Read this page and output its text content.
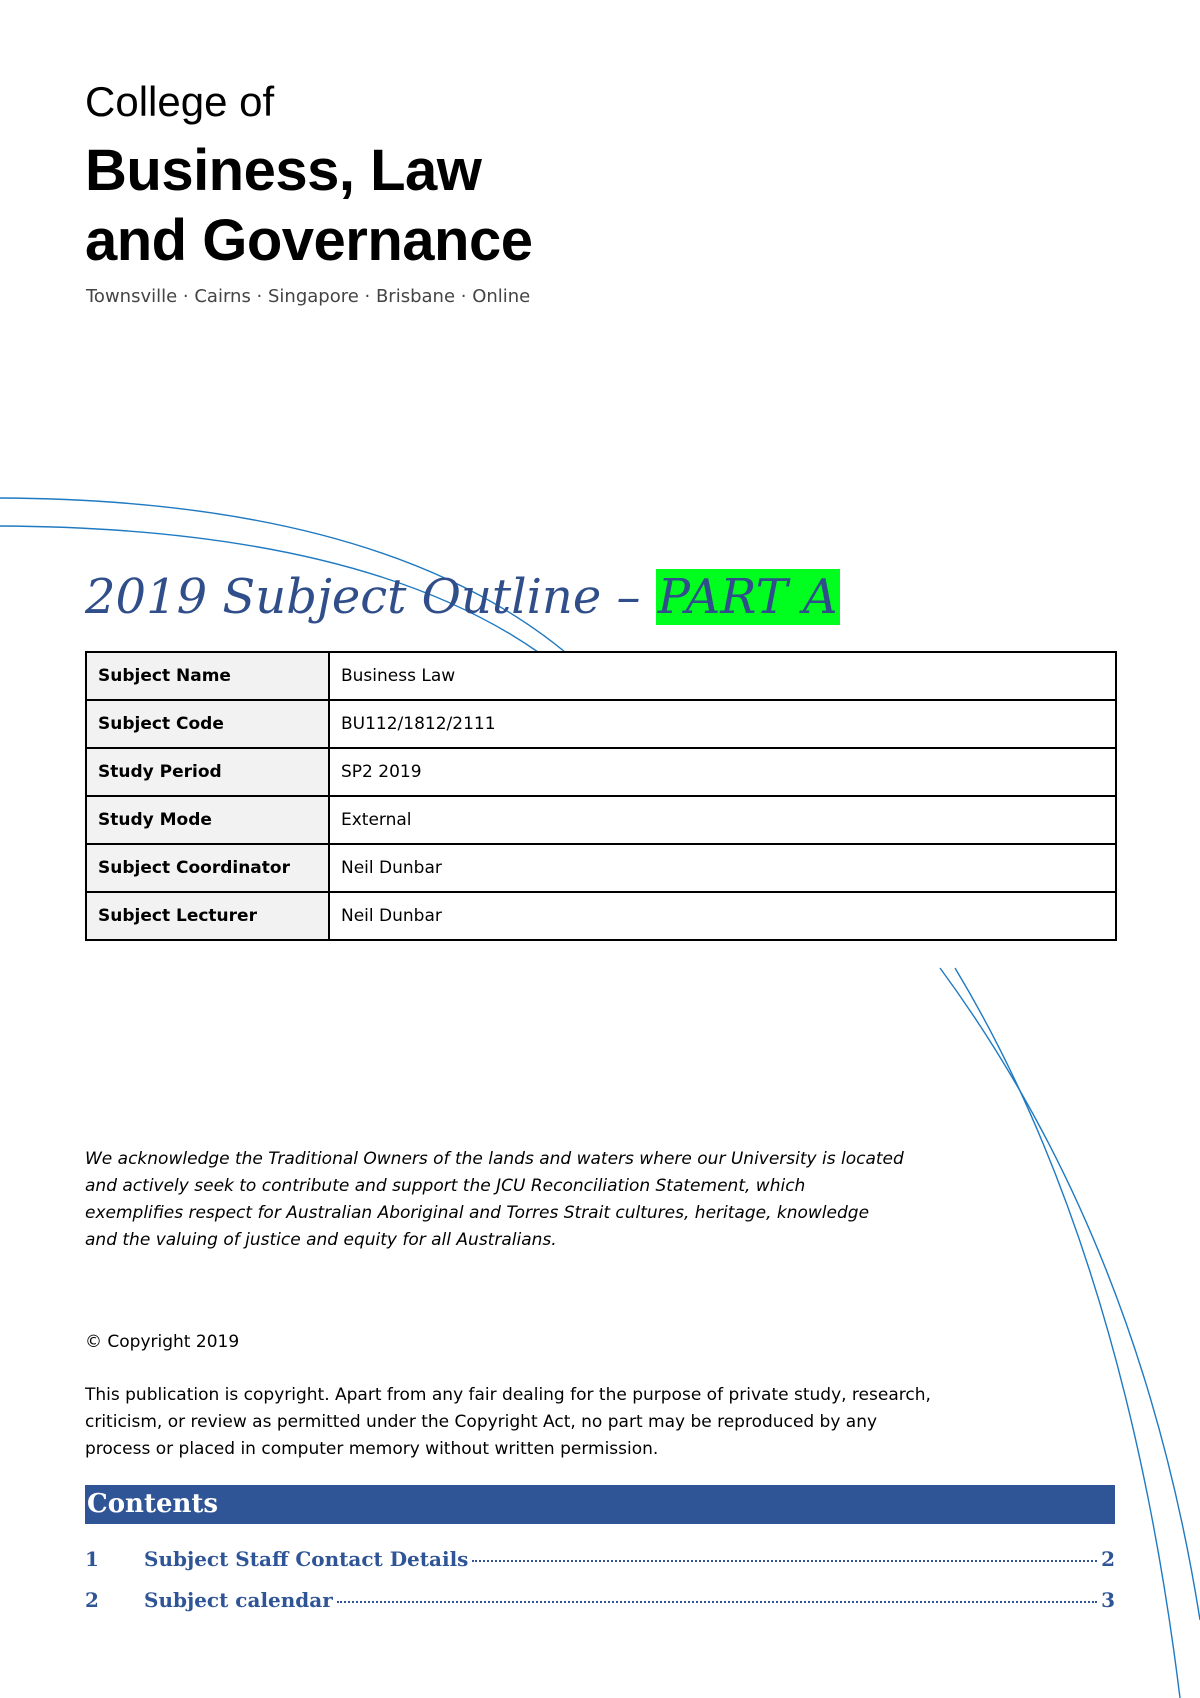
College of
Business, Law
and Governance

Townsville · Cairns · Singapore · Brisbane · Online

2019 Subject Outline – PART A
Subject Name	Business Law
Subject Code	BU112/1812/2111
Study Period	SP2 2019
Study Mode	External
Subject Coordinator	Neil Dunbar
Subject Lecturer	Neil Dunbar

We acknowledge the Traditional Owners of the lands and waters where our University is located and actively seek to contribute and support the JCU Reconciliation Statement, which exemplifies respect for Australian Aboriginal and Torres Strait cultures, heritage, knowledge and the valuing of justice and equity for all Australians.

© Copyright 2019

This publication is copyright. Apart from any fair dealing for the purpose of private study, research, criticism, or review as permitted under the Copyright Act, no part may be reproduced by any process or placed in computer memory without written permission.

Contents
1	Subject Staff Contact Details	2
2	Subject calendar	3
